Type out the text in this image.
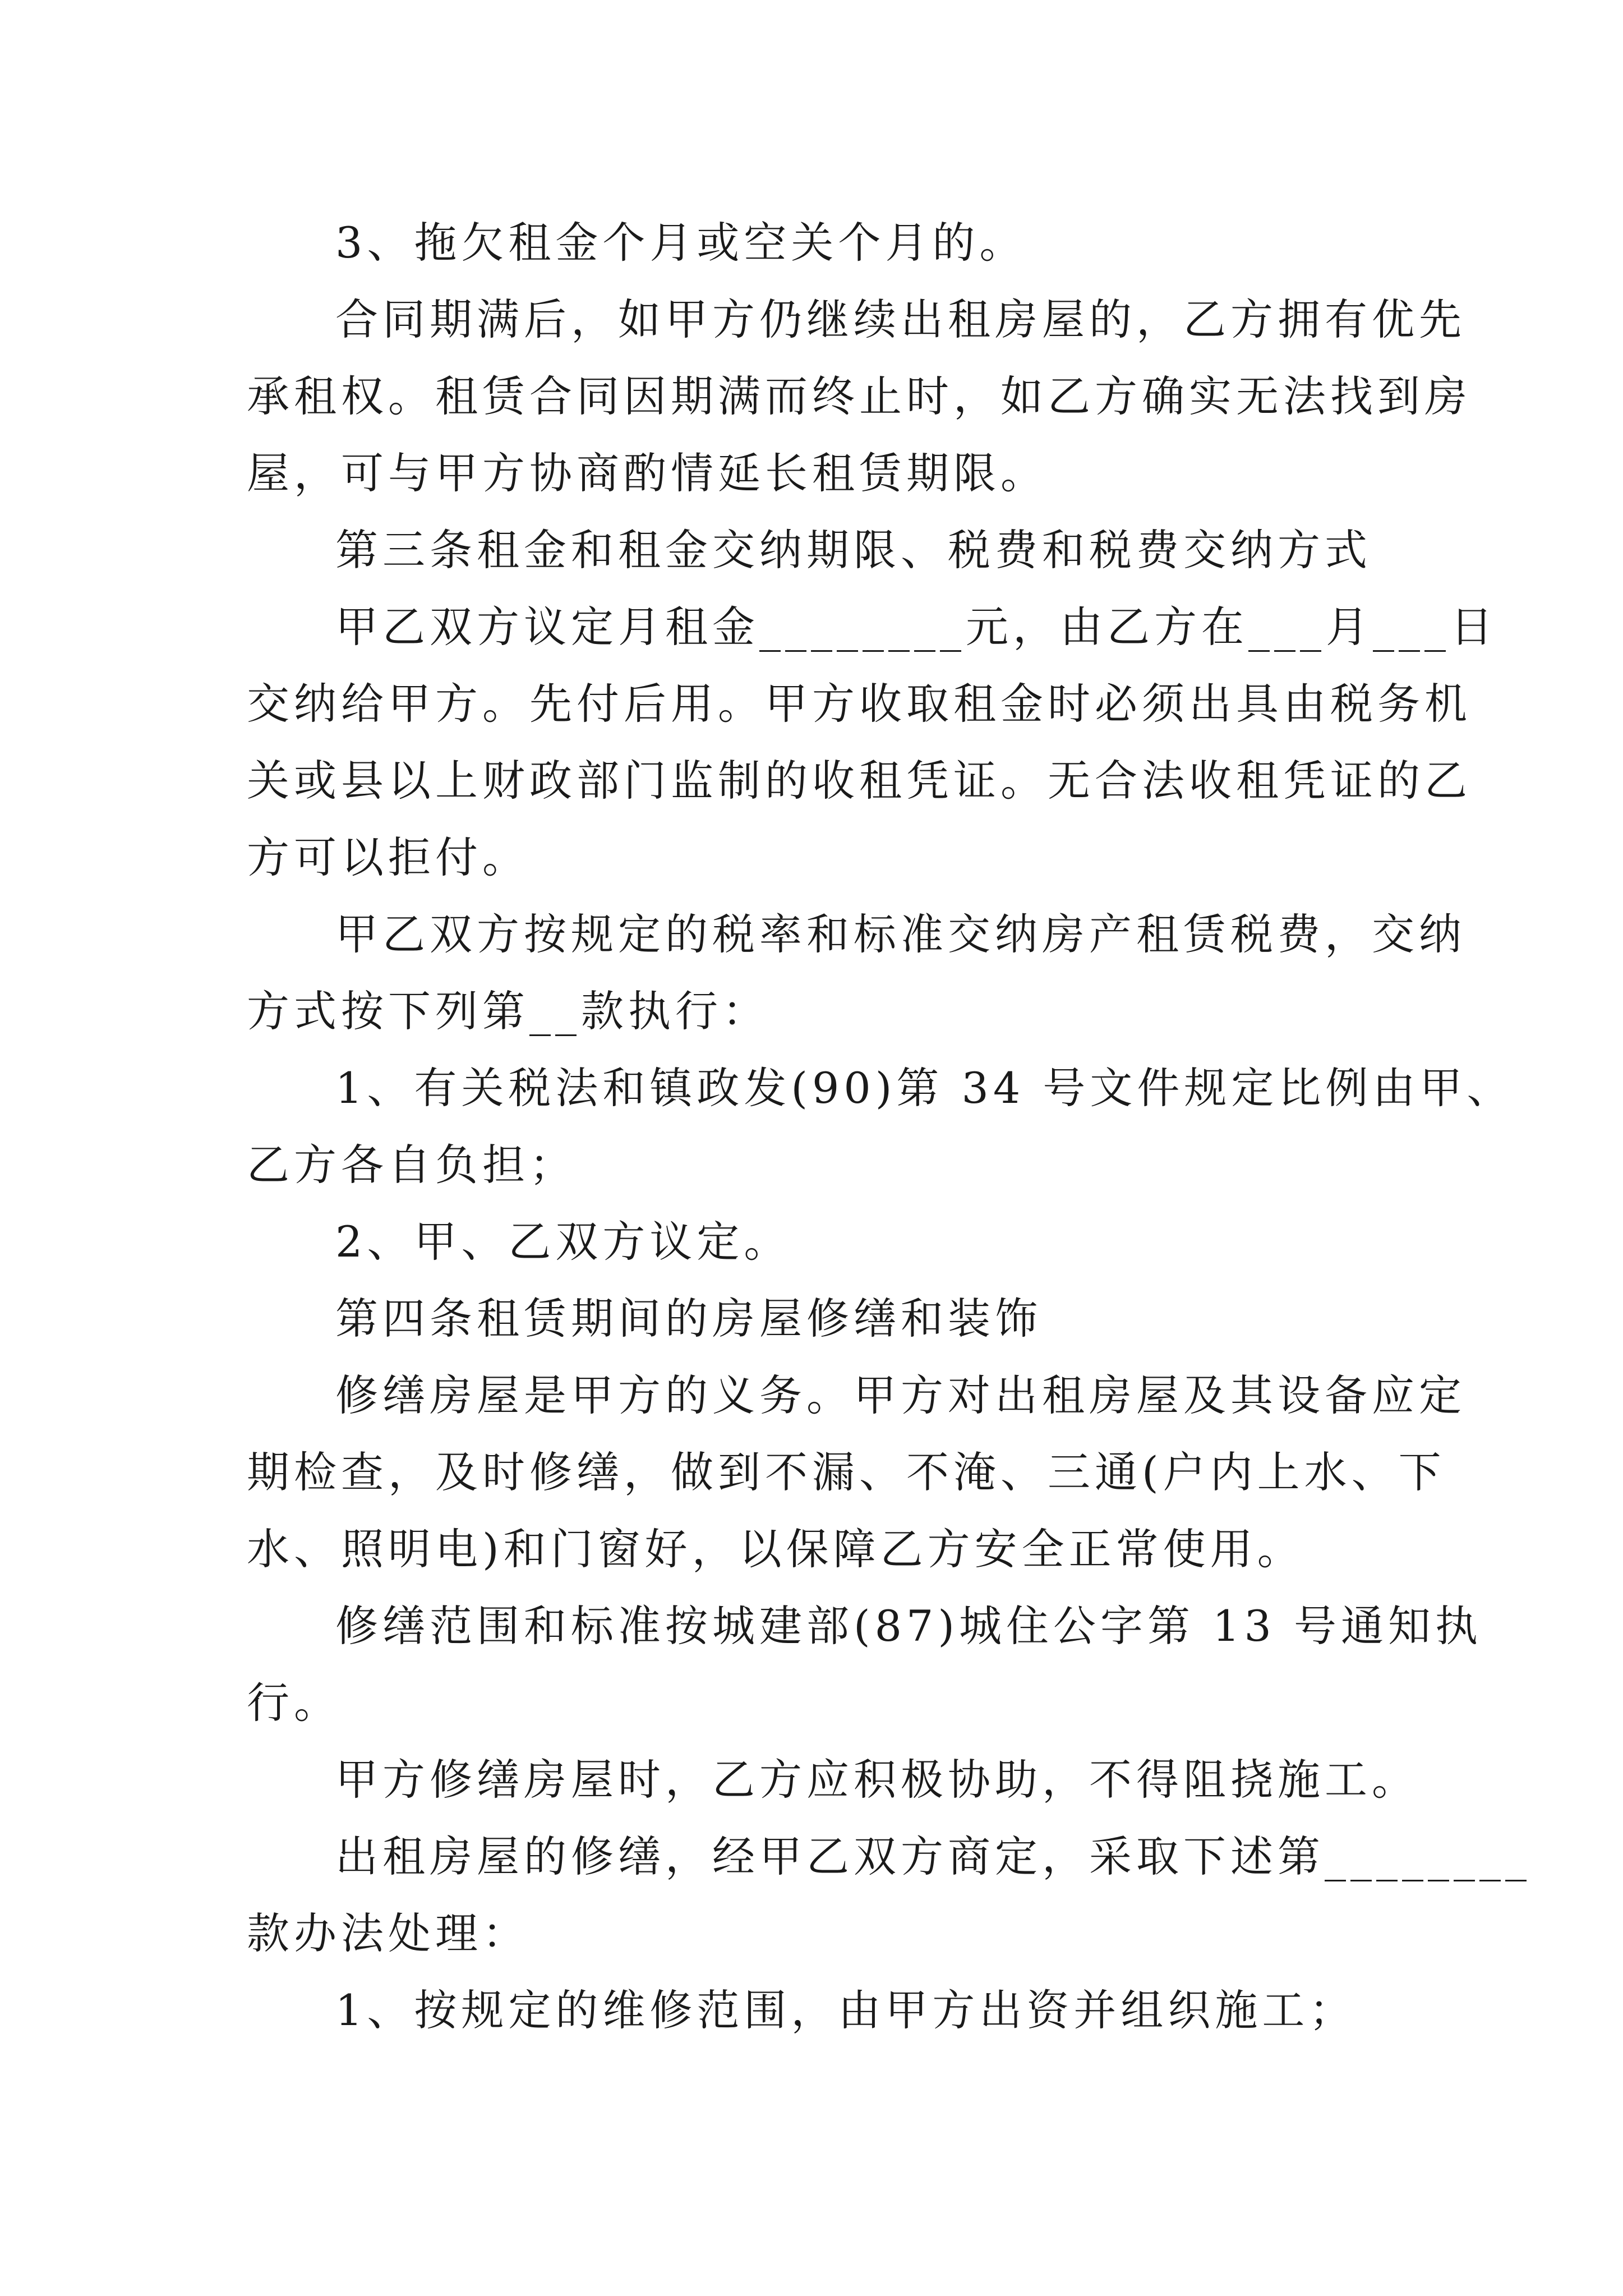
3、拖欠租金个月或空关个月的。
合同期满后，如甲方仍继续出租房屋的，乙方拥有优先
承租权。租赁合同因期满而终止时，如乙方确实无法找到房
屋，可与甲方协商酌情延长租赁期限。
第三条租金和租金交纳期限、税费和税费交纳方式
甲乙双方议定月租金________元，由乙方在___月___日
交纳给甲方。先付后用。甲方收取租金时必须出具由税务机
关或县以上财政部门监制的收租凭证。无合法收租凭证的乙
方可以拒付。
甲乙双方按规定的税率和标准交纳房产租赁税费，交纳
方式按下列第__款执行：
1、有关税法和镇政发(90)第 34 号文件规定比例由甲、
乙方各自负担；
2、甲、乙双方议定。
第四条租赁期间的房屋修缮和装饰
修缮房屋是甲方的义务。甲方对出租房屋及其设备应定
期检查，及时修缮，做到不漏、不淹、三通(户内上水、下
水、照明电)和门窗好，以保障乙方安全正常使用。
修缮范围和标准按城建部(87)城住公字第 13 号通知执
行。
甲方修缮房屋时，乙方应积极协助，不得阻挠施工。
出租房屋的修缮，经甲乙双方商定，采取下述第________
款办法处理：
1、按规定的维修范围，由甲方出资并组织施工；
